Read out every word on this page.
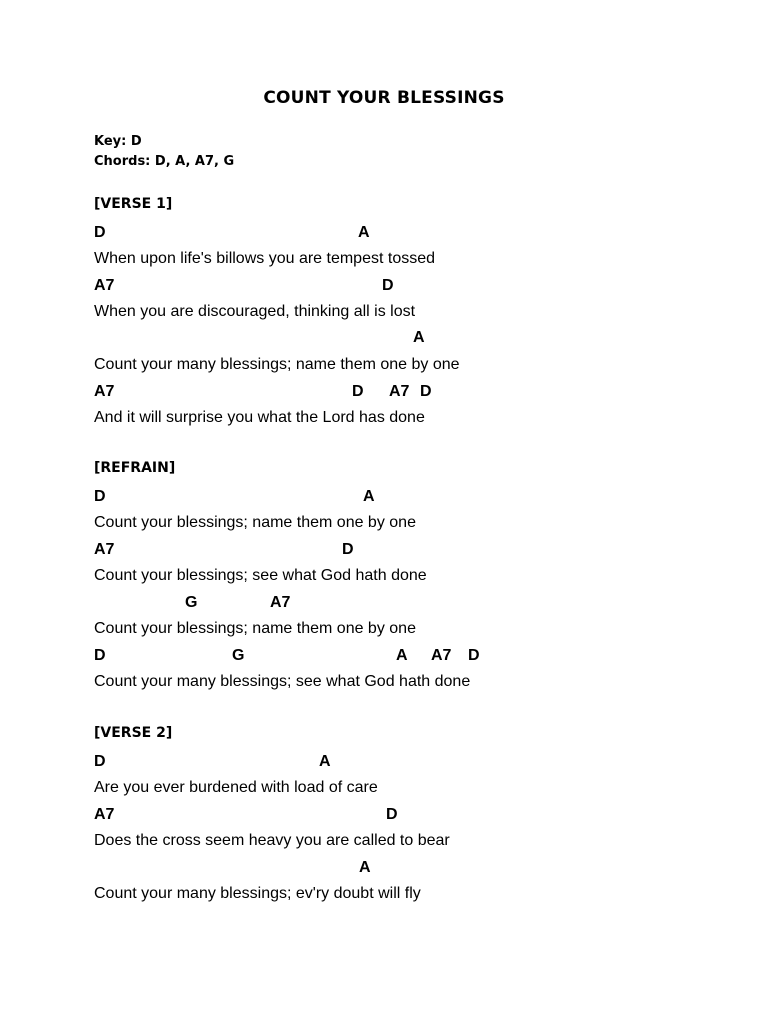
COUNT YOUR BLESSINGS
Key: D
Chords: D, A, A7, G
[VERSE 1]
D	A
When upon life's billows you are tempest tossed
A7	D
When you are discouraged, thinking all is lost
A
Count your many blessings; name them one by one
A7	D A7 D
And it will surprise you what the Lord has done
[REFRAIN]
D	A
Count your blessings; name them one by one
A7	D
Count your blessings; see what God hath done
G	A7
Count your blessings; name them one by one
D	G	A A7 D
Count your many blessings; see what God hath done
[VERSE 2]
D	A
Are you ever burdened with load of care
A7	D
Does the cross seem heavy you are called to bear
A
Count your many blessings; ev'ry doubt will fly
